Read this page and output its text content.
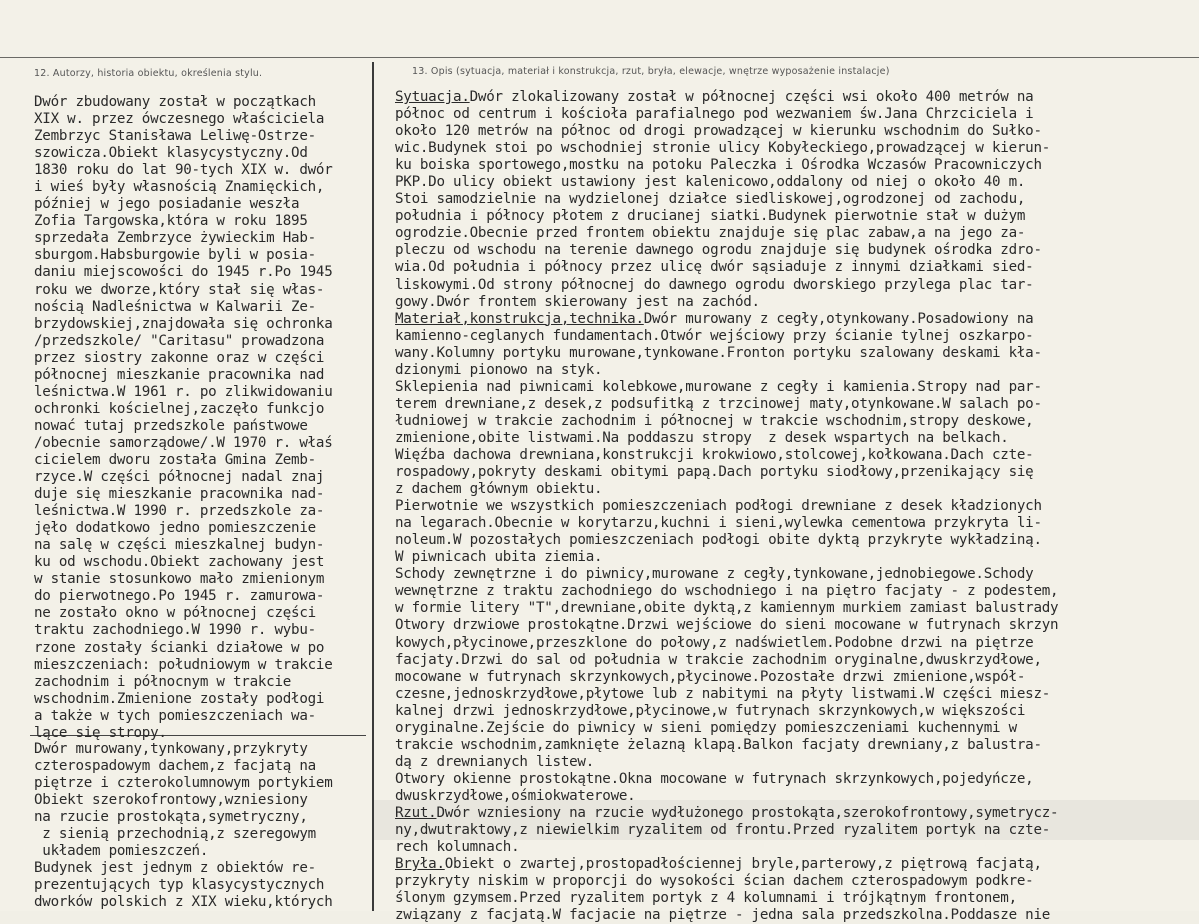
12. Autorzy, historia obiektu, określenia stylu.	13. Opis (sytuacja, materiał i konstrukcja, rzut, bryła, elewacje, wnętrze wyposażenie instalacje)
Dwór zbudowany został w początkach
XIX w. przez ówczesnego właściciela
Zembrzyc Stanisława Leliwę-Ostrze-
szowicza.Obiekt klasycystyczny.Od
1830 roku do lat 90-tych XIX w. dwór
i wieś były własnością Znamięckich,
później w jego posiadanie weszła
Zofia Targowska,która w roku 1895
sprzedała Zembrzyce żywieckim Hab-
sburgom.Habsburgowie byli w posia-
daniu miejscowości do 1945 r.Po 1945
roku we dworze,który stał się włas-
nością Nadleśnictwa w Kalwarii Ze-
brzydowskiej,znajdowała się ochronka
/przedszkole/ "Caritasu" prowadzona
przez siostry zakonne oraz w części
północnej mieszkanie pracownika nad
leśnictwa.W 1961 r. po zlikwidowaniu
ochronki kościelnej,zaczęło funkcjo
nować tutaj przedszkole państwowe
/obecnie samorządowe/.W 1970 r. właś
cicielem dworu została Gmina Zemb-
rzyce.W części północnej nadal znaj
duje się mieszkanie pracownika nad-
leśnictwa.W 1990 r. przedszkole za-
jęło dodatkowo jedno pomieszczenie
na salę w części mieszkalnej budyn-
ku od wschodu.Obiekt zachowany jest
w stanie stosunkowo mało zmienionym
do pierwotnego.Po 1945 r. zamurowa-
ne zostało okno w północnej części
traktu zachodniego.W 1990 r. wybu-
rzone zostały ścianki działowe w po
mieszczeniach: południowym w trakcie
zachodnim i północnym w trakcie
wschodnim.Zmienione zostały podłogi
a także w tych pomieszczeniach wa-
lące się stropy.
Dwór murowany,tynkowany,przykryty
czterospadowym dachem,z facjatą na
piętrze i czterokolumnowym portykiem
Obiekt szerokofrontowy,wzniesiony
na rzucie prostokąta,symetryczny,
z sienią przechodnią,z szeregowym
układem pomieszczeń.
Budynek jest jednym z obiektów re-
prezentujących typ klasycystycznych
dworków polskich z XIX wieku,których
Sytuacja.Dwór zlokalizowany został w północnej części wsi około 400 metrów na
północ od centrum i kościoła parafialnego pod wezwaniem św.Jana Chrzciciela i
około 120 metrów na północ od drogi prowadzącej w kierunku wschodnim do Sułko-
wic.Budynek stoi po wschodniej stronie ulicy Kobyłeckiego,prowadzącej w kierun-
ku boiska sportowego,mostku na potoku Paleczka i Ośrodka Wczasów Pracowniczych
PKP.Do ulicy obiekt ustawiony jest kalenicowo,oddalony od niej o około 40 m.
Stoi samodzielnie na wydzielonej działce siedliskowej,ogrodzonej od zachodu,
południa i północy płotem z drucianej siatki.Budynek pierwotnie stał w dużym
ogrodzie.Obecnie przed frontem obiektu znajduje się plac zabaw,a na jego za-
pleczu od wschodu na terenie dawnego ogrodu znajduje się budynek ośrodka zdro-
wia.Od południa i północy przez ulicę dwór sąsiaduje z innymi działkami sied-
liskowymi.Od strony północnej do dawnego ogrodu dworskiego przylega plac tar-
gowy.Dwór frontem skierowany jest na zachód.
Materiał,konstrukcja,technika.Dwór murowany z cegły,otynkowany.Posadowiony na
kamienno-ceglanych fundamentach.Otwór wejściowy przy ścianie tylnej oszkarpo-
wany.Kolumny portyku murowane,tynkowane.Fronton portyku szalowany deskami kła-
dzionymi pionowo na styk.
Sklepienia nad piwnicami kolebkowe,murowane z cegły i kamienia.Stropy nad par-
terem drewniane,z desek,z podsufitką z trzcinowej maty,otynkowane.W salach po-
łudniowej w trakcie zachodnim i północnej w trakcie wschodnim,stropy deskowe,
zmienione,obite listwami.Na poddaszu stropy  z desek wspartych na belkach.
Więźba dachowa drewniana,konstrukcji krokwiowo,stolcowej,kołkowana.Dach czte-
rospadowy,pokryty deskami obitymi papą.Dach portyku siodłowy,przenikający się
z dachem głównym obiektu.
Pierwotnie we wszystkich pomieszczeniach podłogi drewniane z desek kładzionych
na legarach.Obecnie w korytarzu,kuchni i sieni,wylewka cementowa przykryta li-
noleum.W pozostałych pomieszczeniach podłogi obite dyktą przykryte wykładziną.
W piwnicach ubita ziemia.
Schody zewnętrzne i do piwnicy,murowane z cegły,tynkowane,jednobiegowe.Schody
wewnętrzne z traktu zachodniego do wschodniego i na piętro facjaty - z podestem,
w formie litery "T",drewniane,obite dyktą,z kamiennym murkiem zamiast balustrady
Otwory drzwiowe prostokątne.Drzwi wejściowe do sieni mocowane w futrynach skrzyn
kowych,płycinowe,przeszklone do połowy,z nadświetlem.Podobne drzwi na piętrze
facjaty.Drzwi do sal od południa w trakcie zachodnim oryginalne,dwuskrzydłowe,
mocowane w futrynach skrzynkowych,płycinowe.Pozostałe drzwi zmienione,współ-
czesne,jednoskrzydłowe,płytowe lub z nabitymi na płyty listwami.W części miesz-
kalnej drzwi jednoskrzydłowe,płycinowe,w futrynach skrzynkowych,w większości
oryginalne.Zejście do piwnicy w sieni pomiędzy pomieszczeniami kuchennymi w
trakcie wschodnim,zamknięte żelazną klapą.Balkon facjaty drewniany,z balustra-
dą z drewnianych listew.
Otwory okienne prostokątne.Okna mocowane w futrynach skrzynkowych,pojedyńcze,
dwuskrzydłowe,ośmiokwaterowe.
Rzut.Dwór wzniesiony na rzucie wydłużonego prostokąta,szerokofrontowy,symetrycz-
ny,dwutraktowy,z niewielkim ryzalitem od frontu.Przed ryzalitem portyk na czte-
rech kolumnach.
Bryła.Obiekt o zwartej,prostopadłościennej bryle,parterowy,z piętrową facjatą,
przykryty niskim w proporcji do wysokości ścian dachem czterospadowym podkre-
ślonym gzymsem.Przed ryzalitem portyk z 4 kolumnami i trójkątnym frontonem,
związany z facjatą.W facjacie na piętrze - jedna sala przedszkolna.Poddasze nie
